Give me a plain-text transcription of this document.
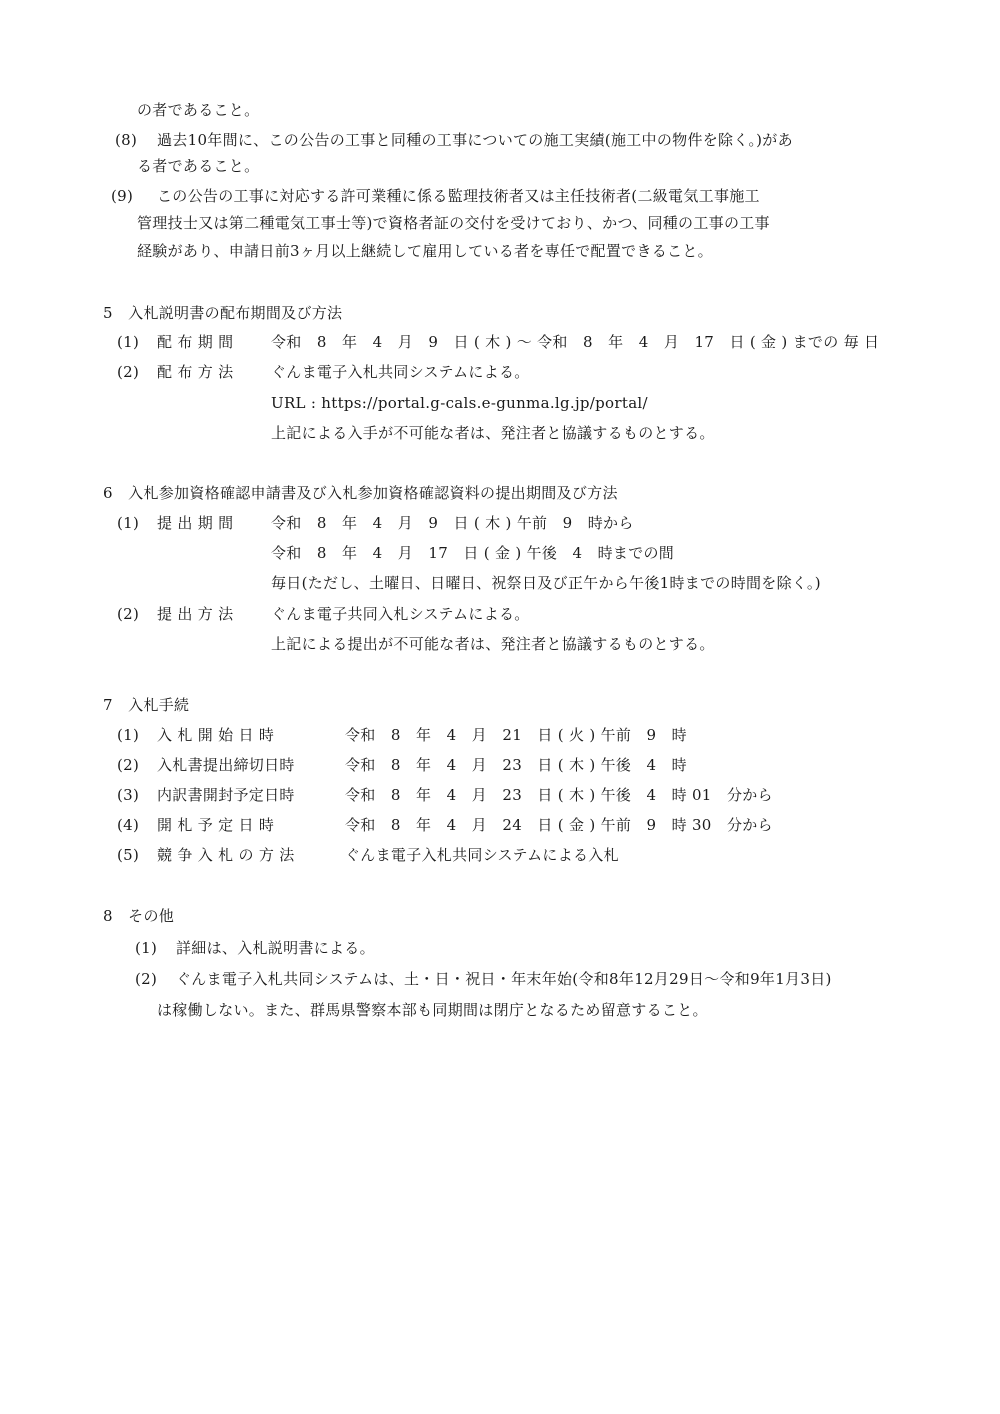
の者であること。
(8) 過去10年間に、この公告の工事と同種の工事についての施工実績(施工中の物件を除く。)があ
る者であること。
(9) この公告の工事に対応する許可業種に係る監理技術者又は主任技術者(二級電気工事施工
管理技士又は第二種電気工事士等)で資格者証の交付を受けており、かつ、同種の工事の工事
経験があり、申請日前3ヶ月以上継続して雇用している者を専任で配置できること。
5　入札説明書の配布期間及び方法
(1) 配 布 期 間	令和　8　年　4　月　9　日 ( 木 ) ～ 令和　8　年　4　月　17　日 ( 金 ) までの 毎 日
(2) 配 布 方 法	ぐんま電子入札共同システムによる。
URL : https://portal.g-cals.e-gunma.lg.jp/portal/
上記による入手が不可能な者は、発注者と協議するものとする。
6　入札参加資格確認申請書及び入札参加資格確認資料の提出期間及び方法
(1) 提 出 期 間	令和　8　年　4　月　9　日 ( 木 ) 午前　9　時から
令和　8　年　4　月　17　日 ( 金 ) 午後　4　時までの間
毎日(ただし、土曜日、日曜日、祝祭日及び正午から午後1時までの時間を除く。)
(2) 提 出 方 法	ぐんま電子共同入札システムによる。
上記による提出が不可能な者は、発注者と協議するものとする。
7　入札手続
(1) 入 札 開 始 日 時	令和　8　年　4　月　21　日 ( 火 ) 午前　9　時
(2) 入札書提出締切日時	令和　8　年　4　月　23　日 ( 木 ) 午後　4　時
(3) 内訳書開封予定日時	令和　8　年　4　月　23　日 ( 木 ) 午後　4　時 01　分から
(4) 開 札 予 定 日 時	令和　8　年　4　月　24　日 ( 金 ) 午前　9　時 30　分から
(5) 競 争 入 札 の 方 法	ぐんま電子入札共同システムによる入札
8　その他
(1) 詳細は、入札説明書による。
(2) ぐんま電子入札共同システムは、土・日・祝日・年末年始(令和8年12月29日～令和9年1月3日)
は稼働しない。また、群馬県警察本部も同期間は閉庁となるため留意すること。
